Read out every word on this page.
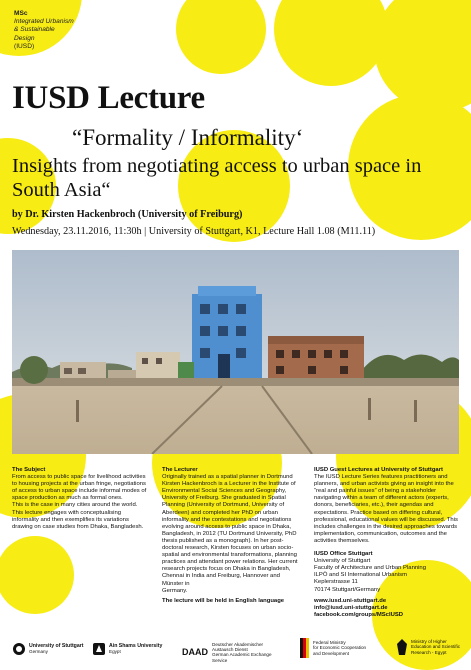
MSc
Integrated Urbanism
& Sustainable
Design
(IUSD)
IUSD Lecture
“Formality / Informality‘
Insights from negotiating access to urban space in South Asia“
by Dr. Kirsten Hackenbroch (University of Freiburg)
Wednesday, 23.11.2016, 11:30h | University of Stuttgart, K1, Lecture Hall 1.08 (M11.11)

The Subject

From access to public space for livelihood activities to housing projects at the urban fringe, negotiations of access to urban space include informal modes of space production as much as formal ones.

This is the case in many cities around the world. This lecture engages with conceptualising informality and then exemplifies its variations

drawing on case studies from Dhaka, Bangladesh.

The Lecturer

Originally trained as a spatial planner in Dortmund Kirsten Hackenbroch is a Lecturer in the Institute of Environmental Social Sciences and Geography, University of Freiburg. She graduated in Spatial Planning (University of Dortmund, University of Aberdeen) and completed her PhD on urban informality and the contestations and negotiations evolving around access to public space in Dhaka, Bangladesh, in 2012 (TU Dortmund University, PhD thesis published as a monograph). In her post-doctoral research, Kirsten focuses on urban socio-spatial and environmental transformations, planning practices and attendant power relations. Her current research projects focus on Dhaka in Bangladesh, Chennai in India and Freiburg, Hannover and Münster in

Germany.

The lecture will be held in English language

IUSD Guest Lectures at University of Stuttgart

The IUSD Lecture Series features practitioners and planners, and urban activists giving an insight into the “real and painful issues” of being a stakeholder navigating within a team of different actors (experts, donors, beneficiaries, etc.), their agendas and expectations. Practice based on differing cultural, professional, educational values will be discussed. This includes challenges in the desired approaches towards implementation, communication, outcomes and the activities themselves.

IUSD Office Stuttgart

University of Stuttgart

Faculty of Architecture and Urban Planning

ILPÖ and SI International Urbanism

Keplerstrasse 11

70174 Stuttgart/Germany

www.iusd.uni-stuttgart.de

info@iusd.uni-stuttgart.de

facebook.com/groups/MScIUSD

University of Stuttgart
Germany
Ain Shams University
Egypt	DAAD
Deutscher Akademischer Austausch Dienst
German Academic Exchange Service
Federal Ministry
for Economic Cooperation
and Development
Ministry of Higher
Education and Scientific
Research - Egypt
